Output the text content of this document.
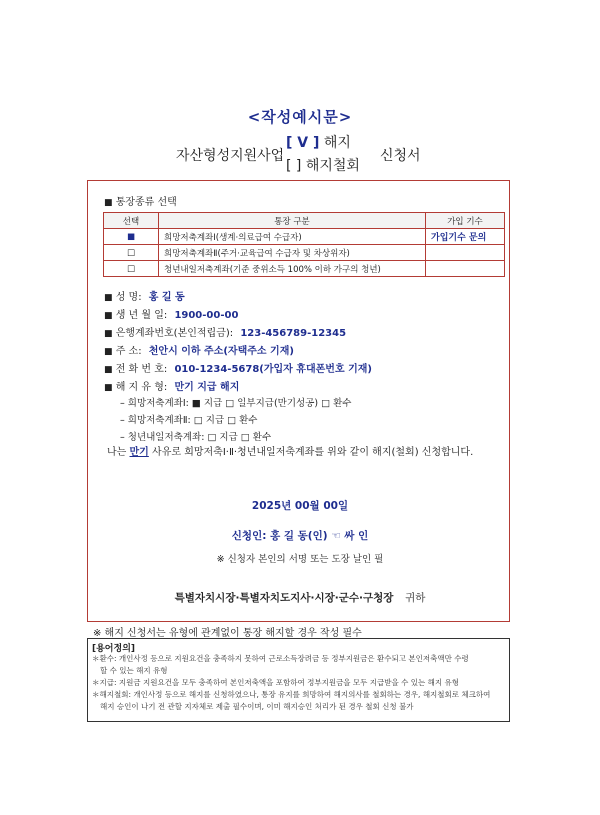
<작성예시문>
자산형성지원사업
[ V ] 해지
[ ] 해지철회
신청서
■ 통장종류 선택
선택	통장 구분	가입 기수
■	희망저축계좌Ⅰ(생계·의료급여 수급자)	가입기수 문의
□	희망저축계좌Ⅱ(주거·교육급여 수급자 및 차상위자)	
□	청년내일저축계좌(기준 중위소득 100% 이하 가구의 청년)	
■ 성 명: 홍 길 동
■ 생 년 월 일: 1900-00-00
■ 은행계좌번호(본인적립금): 123-456789-12345
■ 주 소: 천안시 이하 주소(자택주소 기재)
■ 전 화 번 호: 010-1234-5678(가입자 휴대폰번호 기재)
■ 해 지 유 형: 만기 지급 해지
– 희망저축계좌Ⅰ: ■ 지급 □ 일부지급(만기성공) □ 환수
– 희망저축계좌Ⅱ: □ 지급 □ 환수
– 청년내일저축계좌: □ 지급 □ 환수
나는 만기 사유로 희망저축Ⅰ·Ⅱ·청년내일저축계좌를 위와 같이 해지(철회) 신청합니다.
2025년 00월 00일
신청인: 홍 길 동(인) ☜ 싸 인
※ 신청자 본인의 서명 또는 도장 날인 필
특별자치시장·특별자치도지사·시장·군수·구청장 귀하
※ 해지 신청서는 유형에 관계없이 통장 해지할 경우 작성 필수
[용어정의]
＊환수: 개인사정 등으로 지원요건을 충족하지 못하여 근로소득장려금 등 정부지원금은 환수되고 본인저축액만 수령
할 수 있는 해지 유형
＊지급: 지원금 지원요건을 모두 충족하여 본인저축액을 포함하여 정부지원금을 모두 지급받을 수 있는 해지 유형
＊해지철회: 개인사정 등으로 해지를 신청하였으나, 통장 유지를 희망하여 해지의사를 철회하는 경우, 해지철회로 체크하여
해지 승인이 나기 전 관할 지자체로 제출 필수이며, 이미 해지승인 처리가 된 경우 철회 신청 불가
